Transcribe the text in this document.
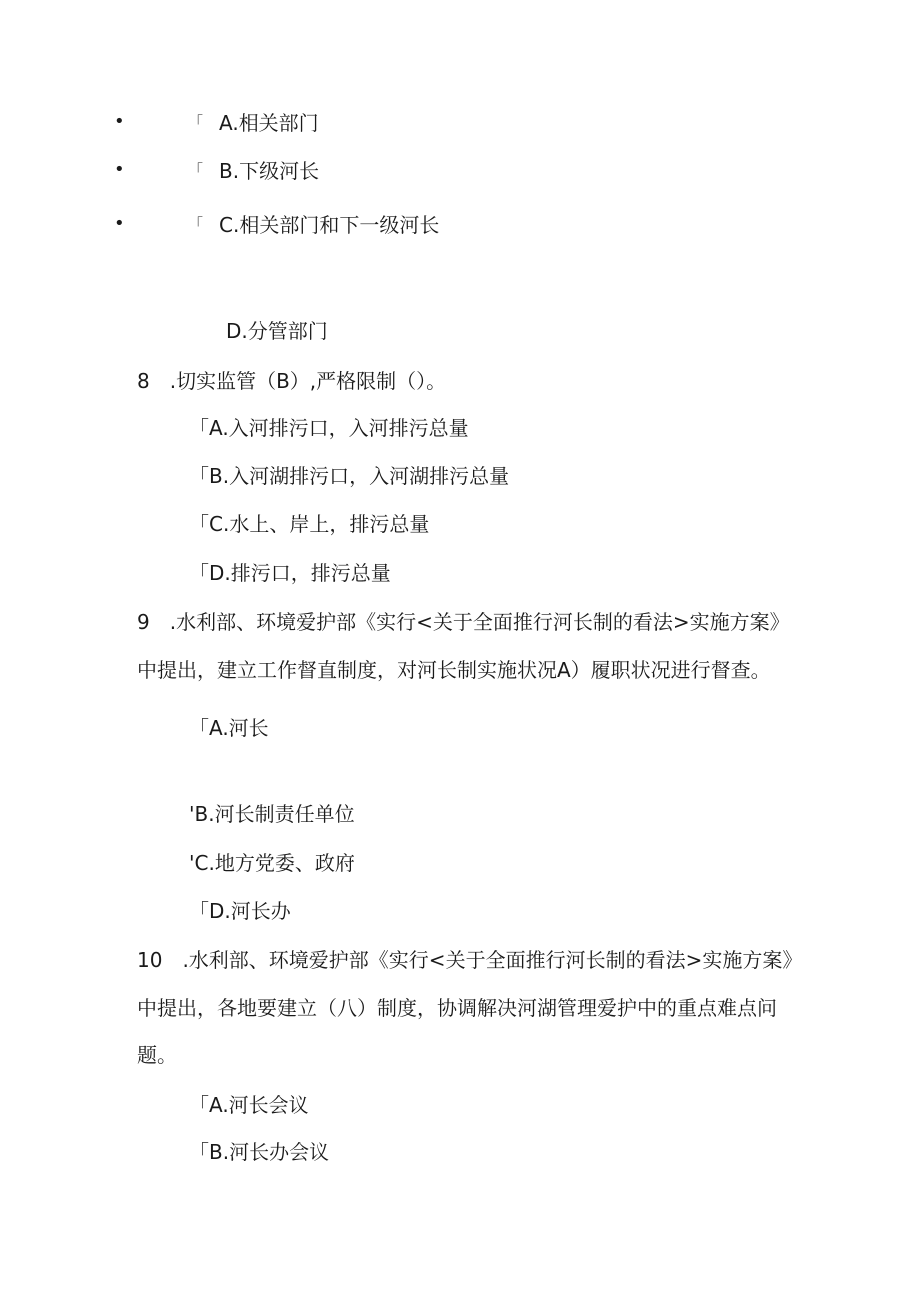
•	「 A.相关部门
•	「 B.下级河长
•	「 C.相关部门和下一级河长
D.分管部门
8　.切实监管（B）,严格限制（）。
「A.入河排污口，入河排污总量
「B.入河湖排污口，入河湖排污总量
「C.水上、岸上，排污总量
「D.排污口，排污总量
9　.水利部、环境爱护部《实行<关于全面推行河长制的看法>实施方案》
中提出，建立工作督直制度，对河长制实施状况A）履职状况进行督查。
「A.河长
'B.河长制责任单位
'C.地方党委、政府
「D.河长办
10　.水利部、环境爱护部《实行<关于全面推行河长制的看法>实施方案》
中提出，各地要建立（八）制度，协调解决河湖管理爱护中的重点难点问
题。
「A.河长会议
「B.河长办会议
